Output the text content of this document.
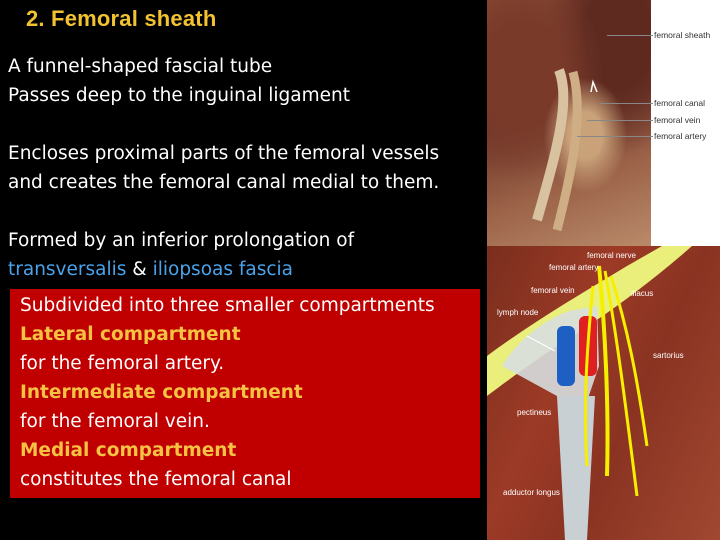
2. Femoral sheath
A funnel-shaped fascial tube
Passes deep to the inguinal ligament
Encloses proximal parts of the femoral vessels
and creates the femoral canal medial to them.
Formed by an inferior prolongation of
transversalis & iliopsoas fascia
Subdivided into three smaller compartments
Lateral compartment
for the femoral artery.
Intermediate compartment
for the femoral vein.
Medial compartment
constitutes the femoral canal
femoral sheath
femoral canal
femoral vein
femoral artery
femoral nerve
femoral artery
iliacus
femoral vein
lymph node
sartorius
pectineus
adductor longus
